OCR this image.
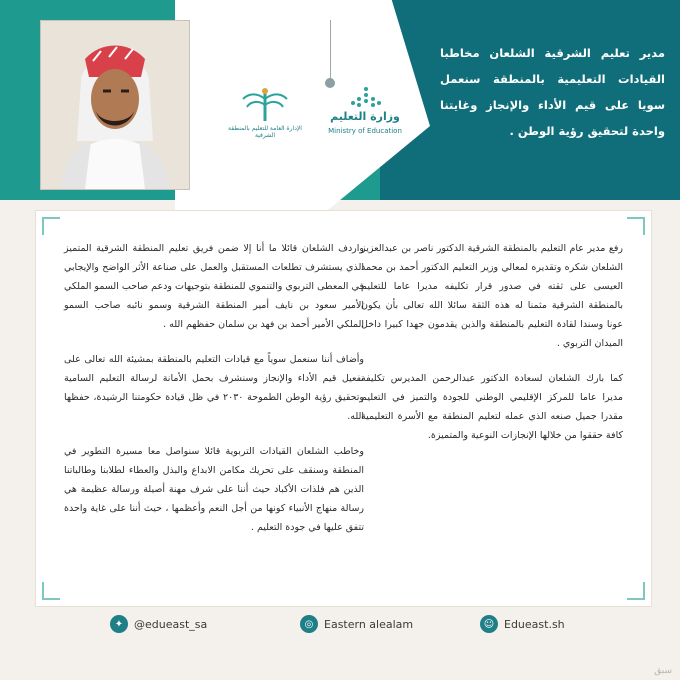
الإدارة العامة للتعليم بالمنطقة الشرقية
وزارة التعليم
Ministry of Education
مدير تعليم الشرقية الشلعان مخاطبا القيادات التعليمية بالمنطقة سنعمل سويا على قيم الأداء والإنجاز وغايتنا واحدة لتحقيق رؤية الوطن .

رفع مدير عام التعليم بالمنطقة الشرقية الدكتور ناصر بن عبدالعزيز الشلعان شكره وتقديره لمعالي وزير التعليم الدكتور أحمد بن محمد العيسى على ثقته في صدور قرار تكليفه مديرا عاما للتعليم بالمنطقة الشرقية مثمنا له هذه الثقة سائلا الله تعالى بأن يكون عونا وسندا لقادة التعليم بالمنطقة والذين يقدمون جهدا كبيرا داخل الميدان التربوي .

كما بارك الشلعان لسعادة الدكتور عبدالرحمن المديرس تكليفه مديرا عاما للمركز الإقليمي الوطني للجودة والتميز في التعليم مقدرا جميل صنعه الذي عمله لتعليم المنطقة مع الأسرة التعليمية كافة حققوا من خلالها الإنجازات النوعية والمتميزة.

واردف الشلعان قائلا ما أنا إلا ضمن فريق تعليم المنطقة الشرقية المتميز الذي يستشرف تطلعات المستقبل والعمل على صناعة الأثر الواضح والإيجابي في المعطى التربوي والتنموي للمنطقة بتوجيهات ودعم صاحب السمو الملكي الأمير سعود بن نايف أمير المنطقة الشرقية وسمو نائبه صاحب السمو الملكي الأمير أحمد بن فهد بن سلمان حفظهم الله .

وأضاف أننا سنعمل سوياً مع قيادات التعليم بالمنطقة بمشيئة الله تعالى على تفعيل قيم الأداء والإنجاز وسنشرف بحمل الأمانة لرسالة التعليم السامية وتحقيق رؤية الوطن الطموحة ٢٠٣٠ في ظل قيادة حكومتنا الرشيدة، حفظها الله.

وخاطب الشلعان القيادات التربوية قائلا سنواصل معا مسيرة التطوير في المنطقة وسنقف على تحريك مكامن الابداع والبذل والعطاء لطلابنا وطالباتنا الذين هم فلذات الأكباد حيث أننا على شرف مهنة أصيلة ورسالة عظيمة هي رسالة منهاج الأنبياء كونها من أجل النعم وأعظمها ، حيث أننا على غاية واحدة تتفق عليها في جودة التعليم .

✦ @edueast_sa	◎ Eastern alealam	☺ Edueast.sh
سبق
